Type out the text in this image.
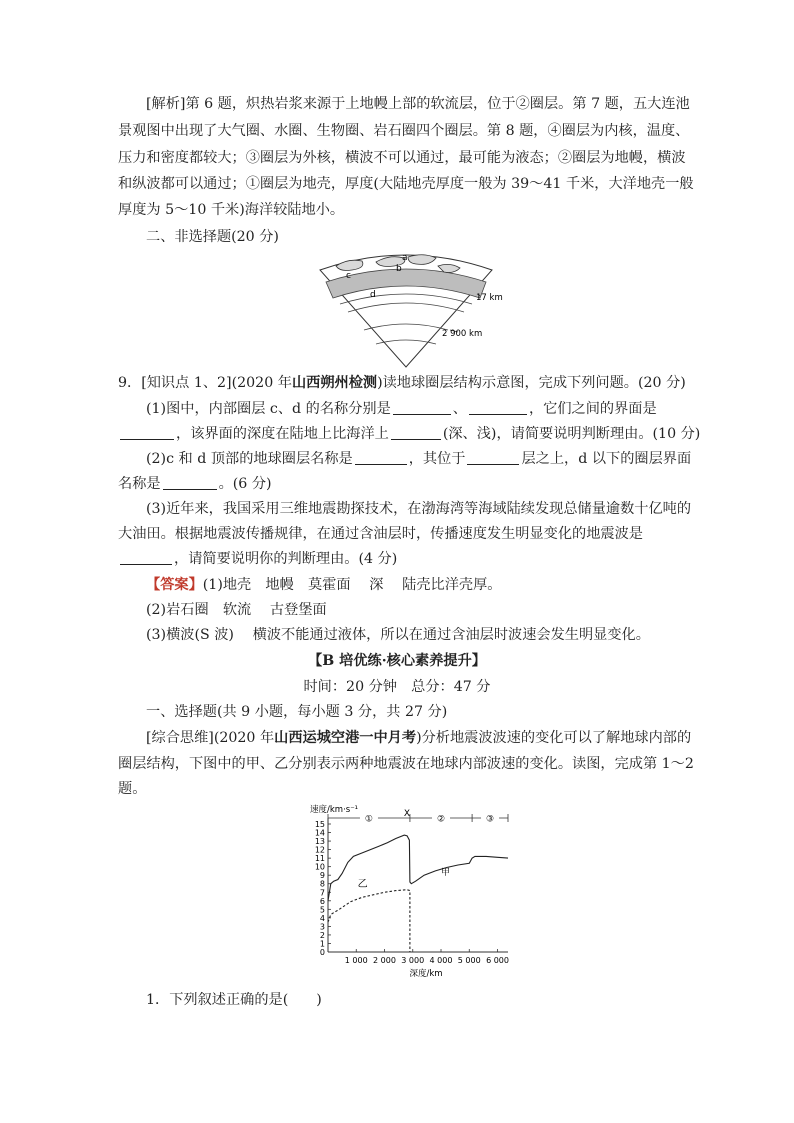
[解析]第 6 题，炽热岩浆来源于上地幔上部的软流层，位于②圈层。第 7 题，五大连池
景观图中出现了大气圈、水圈、生物圈、岩石圈四个圈层。第 8 题，④圈层为内核，温度、
压力和密度都较大；③圈层为外核，横波不可以通过，最可能为液态；②圈层为地幔，横波
和纵波都可以通过；①圈层为地壳，厚度(大陆地壳厚度一般为 39～41 千米，大洋地壳一般
厚度为 5～10 千米)海洋较陆地小。
二、非选择题(20 分)
a
b
c
d	17 km
2 900 km
9．[知识点 1、2](2020 年山西朔州检测)读地球圈层结构示意图，完成下列问题。(20 分)
(1)图中，内部圈层 c、d 的名称分别是	、	，它们之间的界面是
，该界面的深度在陆地上比海洋上	(深、浅)，请简要说明判断理由。(10 分)
(2)c 和 d 顶部的地球圈层名称是	，其位于	层之上，d 以下的圈层界面
名称是	。(6 分)
(3)近年来，我国采用三维地震勘探技术，在渤海湾等海域陆续发现总储量逾数十亿吨的
大油田。根据地震波传播规律，在通过含油层时，传播速度发生明显变化的地震波是
，请简要说明你的判断理由。(4 分)
【答案】(1)地壳　地幔　莫霍面　 深　 陆壳比洋壳厚。
(2)岩石圈　软流　 古登堡面
(3)横波(S 波)　 横波不能通过液体，所以在通过含油层时波速会发生明显变化。
【B 培优练·核心素养提升】
时间：20 分钟　总分：47 分
一、选择题(共 9 小题，每小题 3 分，共 27 分)
[综合思维](2020 年山西运城空港一中月考)分析地震波波速的变化可以了解地球内部的
圈层结构，下图中的甲、乙分别表示两种地震波在地球内部波速的变化。读图，完成第 1～2
题。
速度/km·s⁻¹
0
1
2
3
4
5
6
7
8
9
10
11
12
13
14
15
1 000 2 000 3 000 4 000 5 000 6 000
深度/km
①	②	③
X
甲
乙
1．下列叙述正确的是( )
